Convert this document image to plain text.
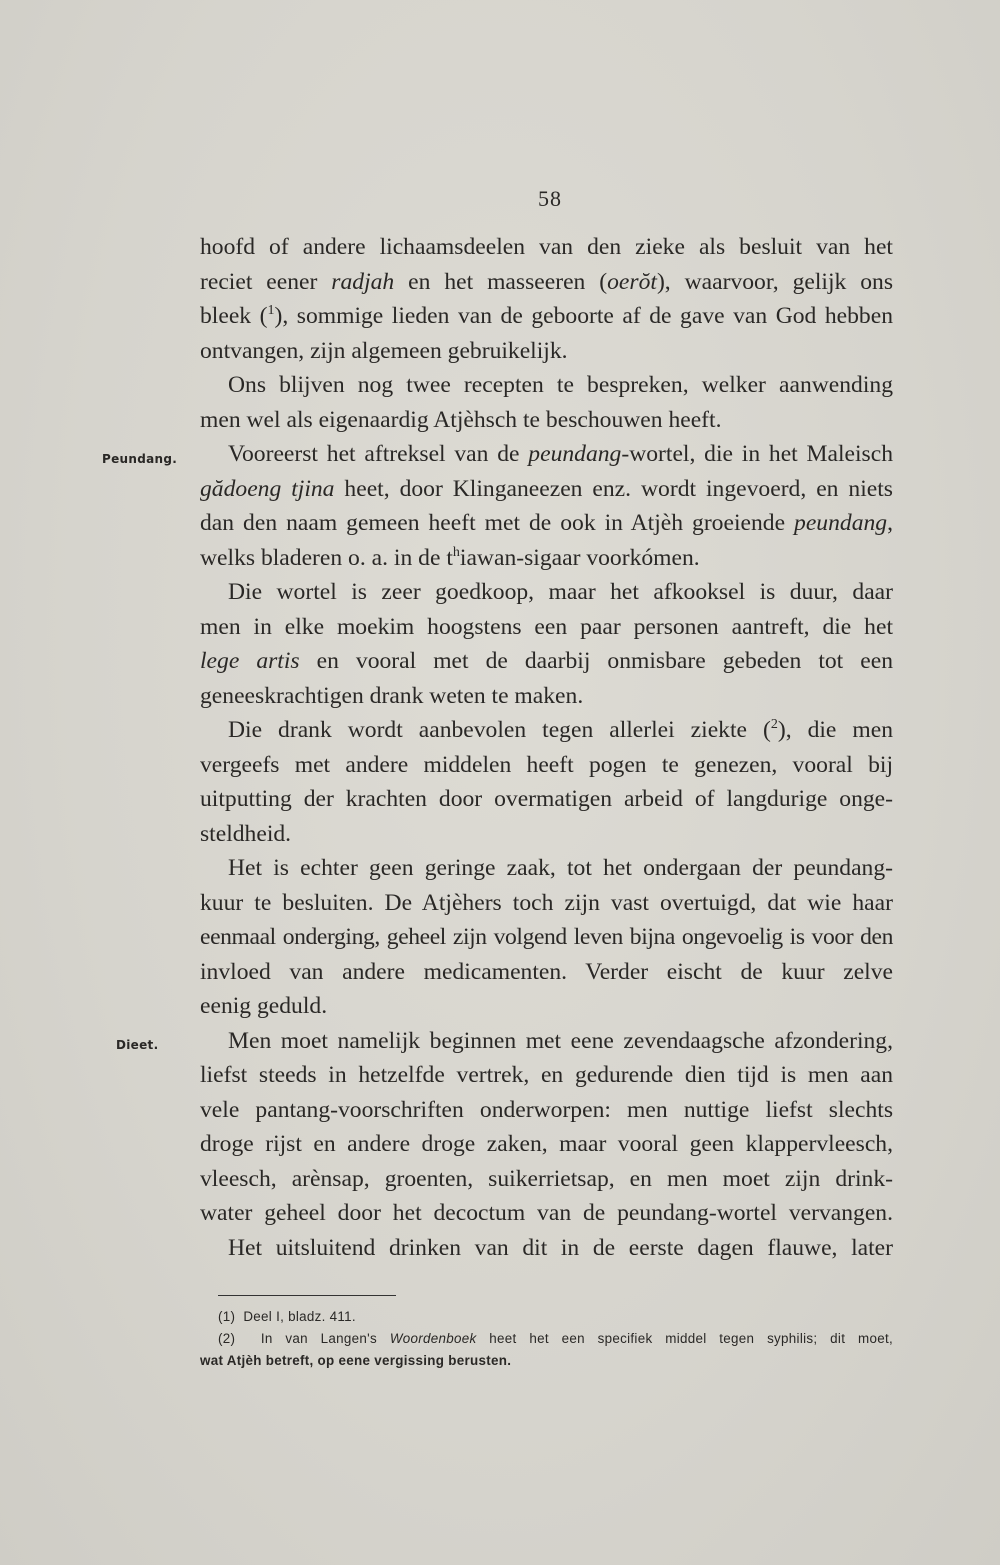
58
Peundang.
Dieet.
hoofd of andere lichaamsdeelen van den zieke als besluit van het
reciet eener radjah en het masseeren (oerŏt), waarvoor, gelijk ons
bleek ($^1$), sommige lieden van de geboorte af de gave van God hebben
ontvangen, zijn algemeen gebruikelijk.
Ons blijven nog twee recepten te bespreken, welker aanwending
men wel als eigenaardig Atjèhsch te beschouwen heeft.
Vooreerst het aftreksel van de peundang-wortel, die in het Maleisch
gădoeng tjina heet, door Klinganeezen enz. wordt ingevoerd, en niets
dan den naam gemeen heeft met de ook in Atjèh groeiende peundang,
welks bladeren o. a. in de $t^hiawan$-sigaar voorkómen.
Die wortel is zeer goedkoop, maar het afkooksel is duur, daar
men in elke moekim hoogstens een paar personen aantreft, die het
lege artis en vooral met de daarbij onmisbare gebeden tot een
geneeskrachtigen drank weten te maken.
Die drank wordt aanbevolen tegen allerlei ziekte ($^2$), die men
vergeefs met andere middelen heeft pogen te genezen, vooral bij
uitputting der krachten door overmatigen arbeid of langdurige onge-
steldheid.
Het is echter geen geringe zaak, tot het ondergaan der peundang-
kuur te besluiten. De Atjèhers toch zijn vast overtuigd, dat wie haar
eenmaal onderging, geheel zijn volgend leven bijna ongevoelig is voor den
invloed van andere medicamenten. Verder eischt de kuur zelve
eenig geduld.
Men moet namelijk beginnen met eene zevendaagsche afzondering,
liefst steeds in hetzelfde vertrek, en gedurende dien tijd is men aan
vele pantang-voorschriften onderworpen: men nuttige liefst slechts
droge rijst en andere droge zaken, maar vooral geen klappervleesch,
vleesch, arènsap, groenten, suikerrietsap, en men moet zijn drink-
water geheel door het decoctum van de peundang-wortel vervangen.
Het uitsluitend drinken van dit in de eerste dagen flauwe, later
(1) Deel I, bladz. 411.
(2) In van Langen's Woordenboek heet het een specifiek middel tegen syphilis; dit moet,
wat Atjèh betreft, op eene vergissing berusten.
